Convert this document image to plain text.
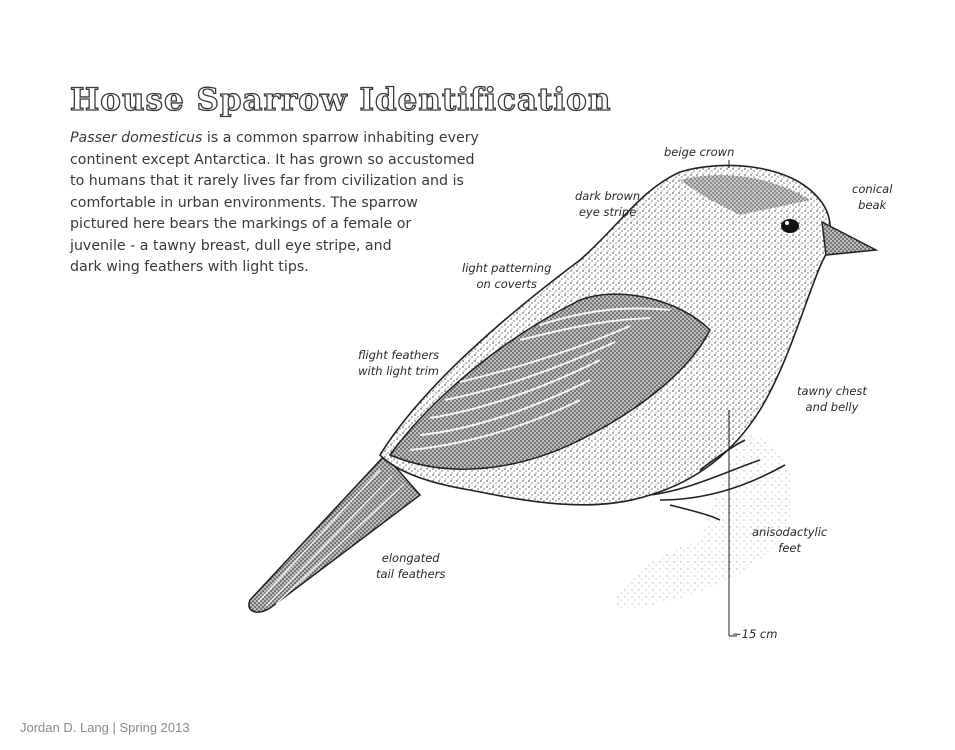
House Sparrow Identification
Passer domesticus is a common sparrow inhabiting every
continent except Antarctica. It has grown so accustomed
to humans that it rarely lives far from civilization and is
comfortable in urban environments. The sparrow
pictured here bears the markings of a female or
juvenile - a tawny breast, dull eye stripe, and
dark wing feathers with light tips.
beige crown
conical
beak
dark brown
eye stripe
light patterning
on coverts
flight feathers
with light trim
tawny chest
and belly
anisodactylic
feet
elongated
tail feathers
~15 cm
Jordan D. Lang | Spring 2013
